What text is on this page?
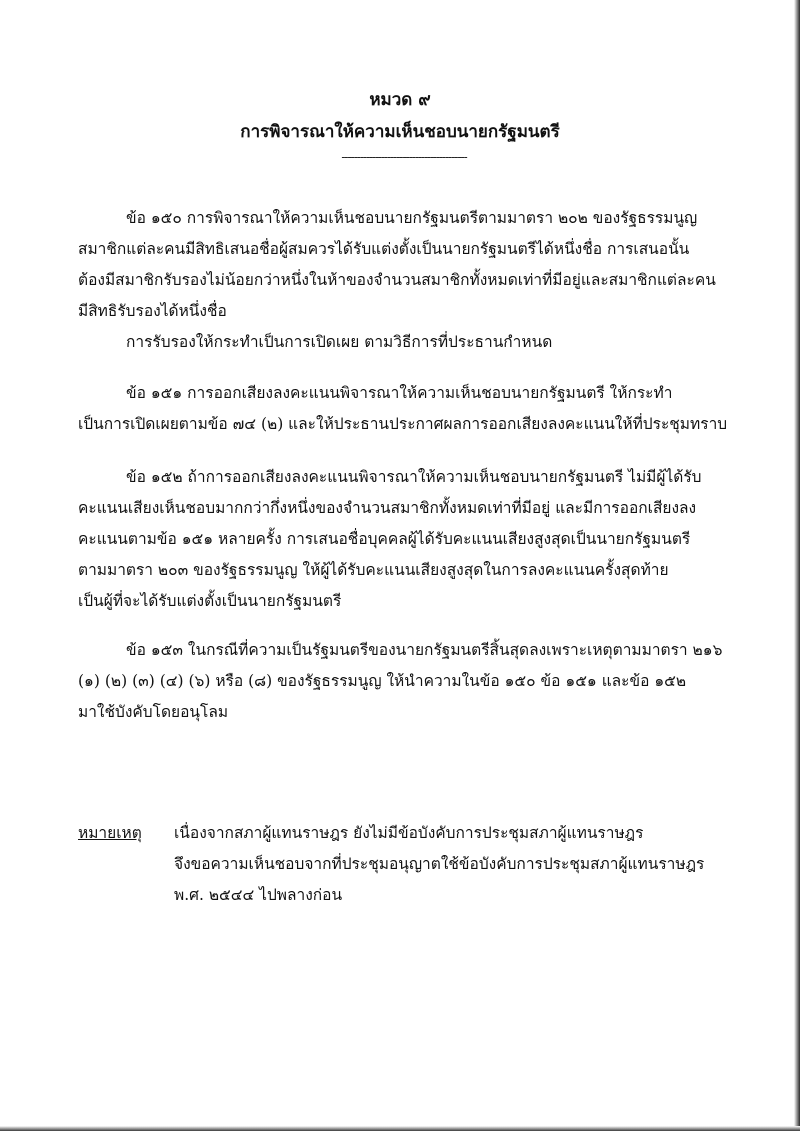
หมวด ๙
การพิจารณาให้ความเห็นชอบนายกรัฐมนตรี
-----------------------------------------
ข้อ ๑๕๐ การพิจารณาให้ความเห็นชอบนายกรัฐมนตรีตามมาตรา ๒๐๒ ของรัฐธรรมนูญ
สมาชิกแต่ละคนมีสิทธิเสนอชื่อผู้สมควรได้รับแต่งตั้งเป็นนายกรัฐมนตรีได้หนึ่งชื่อ การเสนอนั้น
ต้องมีสมาชิกรับรองไม่น้อยกว่าหนึ่งในห้าของจำนวนสมาชิกทั้งหมดเท่าที่มีอยู่และสมาชิกแต่ละคน
มีสิทธิรับรองได้หนึ่งชื่อ
การรับรองให้กระทำเป็นการเปิดเผย ตามวิธีการที่ประธานกำหนด
ข้อ ๑๕๑ การออกเสียงลงคะแนนพิจารณาให้ความเห็นชอบนายกรัฐมนตรี ให้กระทำ
เป็นการเปิดเผยตามข้อ ๗๔ (๒) และให้ประธานประกาศผลการออกเสียงลงคะแนนให้ที่ประชุมทราบ
ข้อ ๑๕๒ ถ้าการออกเสียงลงคะแนนพิจารณาให้ความเห็นชอบนายกรัฐมนตรี ไม่มีผู้ได้รับ
คะแนนเสียงเห็นชอบมากกว่ากึ่งหนึ่งของจำนวนสมาชิกทั้งหมดเท่าที่มีอยู่ และมีการออกเสียงลง
คะแนนตามข้อ ๑๕๑ หลายครั้ง การเสนอชื่อบุคคลผู้ได้รับคะแนนเสียงสูงสุดเป็นนายกรัฐมนตรี
ตามมาตรา ๒๐๓ ของรัฐธรรมนูญ ให้ผู้ได้รับคะแนนเสียงสูงสุดในการลงคะแนนครั้งสุดท้าย
เป็นผู้ที่จะได้รับแต่งตั้งเป็นนายกรัฐมนตรี
ข้อ ๑๕๓ ในกรณีที่ความเป็นรัฐมนตรีของนายกรัฐมนตรีสิ้นสุดลงเพราะเหตุตามมาตรา ๒๑๖
(๑) (๒) (๓) (๔) (๖) หรือ (๘) ของรัฐธรรมนูญ ให้นำความในข้อ ๑๕๐ ข้อ ๑๕๑ และข้อ ๑๕๒
มาใช้บังคับโดยอนุโลม
หมายเหตุ เนื่องจากสภาผู้แทนราษฎร ยังไม่มีข้อบังคับการประชุมสภาผู้แทนราษฎร
จึงขอความเห็นชอบจากที่ประชุมอนุญาตใช้ข้อบังคับการประชุมสภาผู้แทนราษฎร
พ.ศ. ๒๕๔๔ ไปพลางก่อน
